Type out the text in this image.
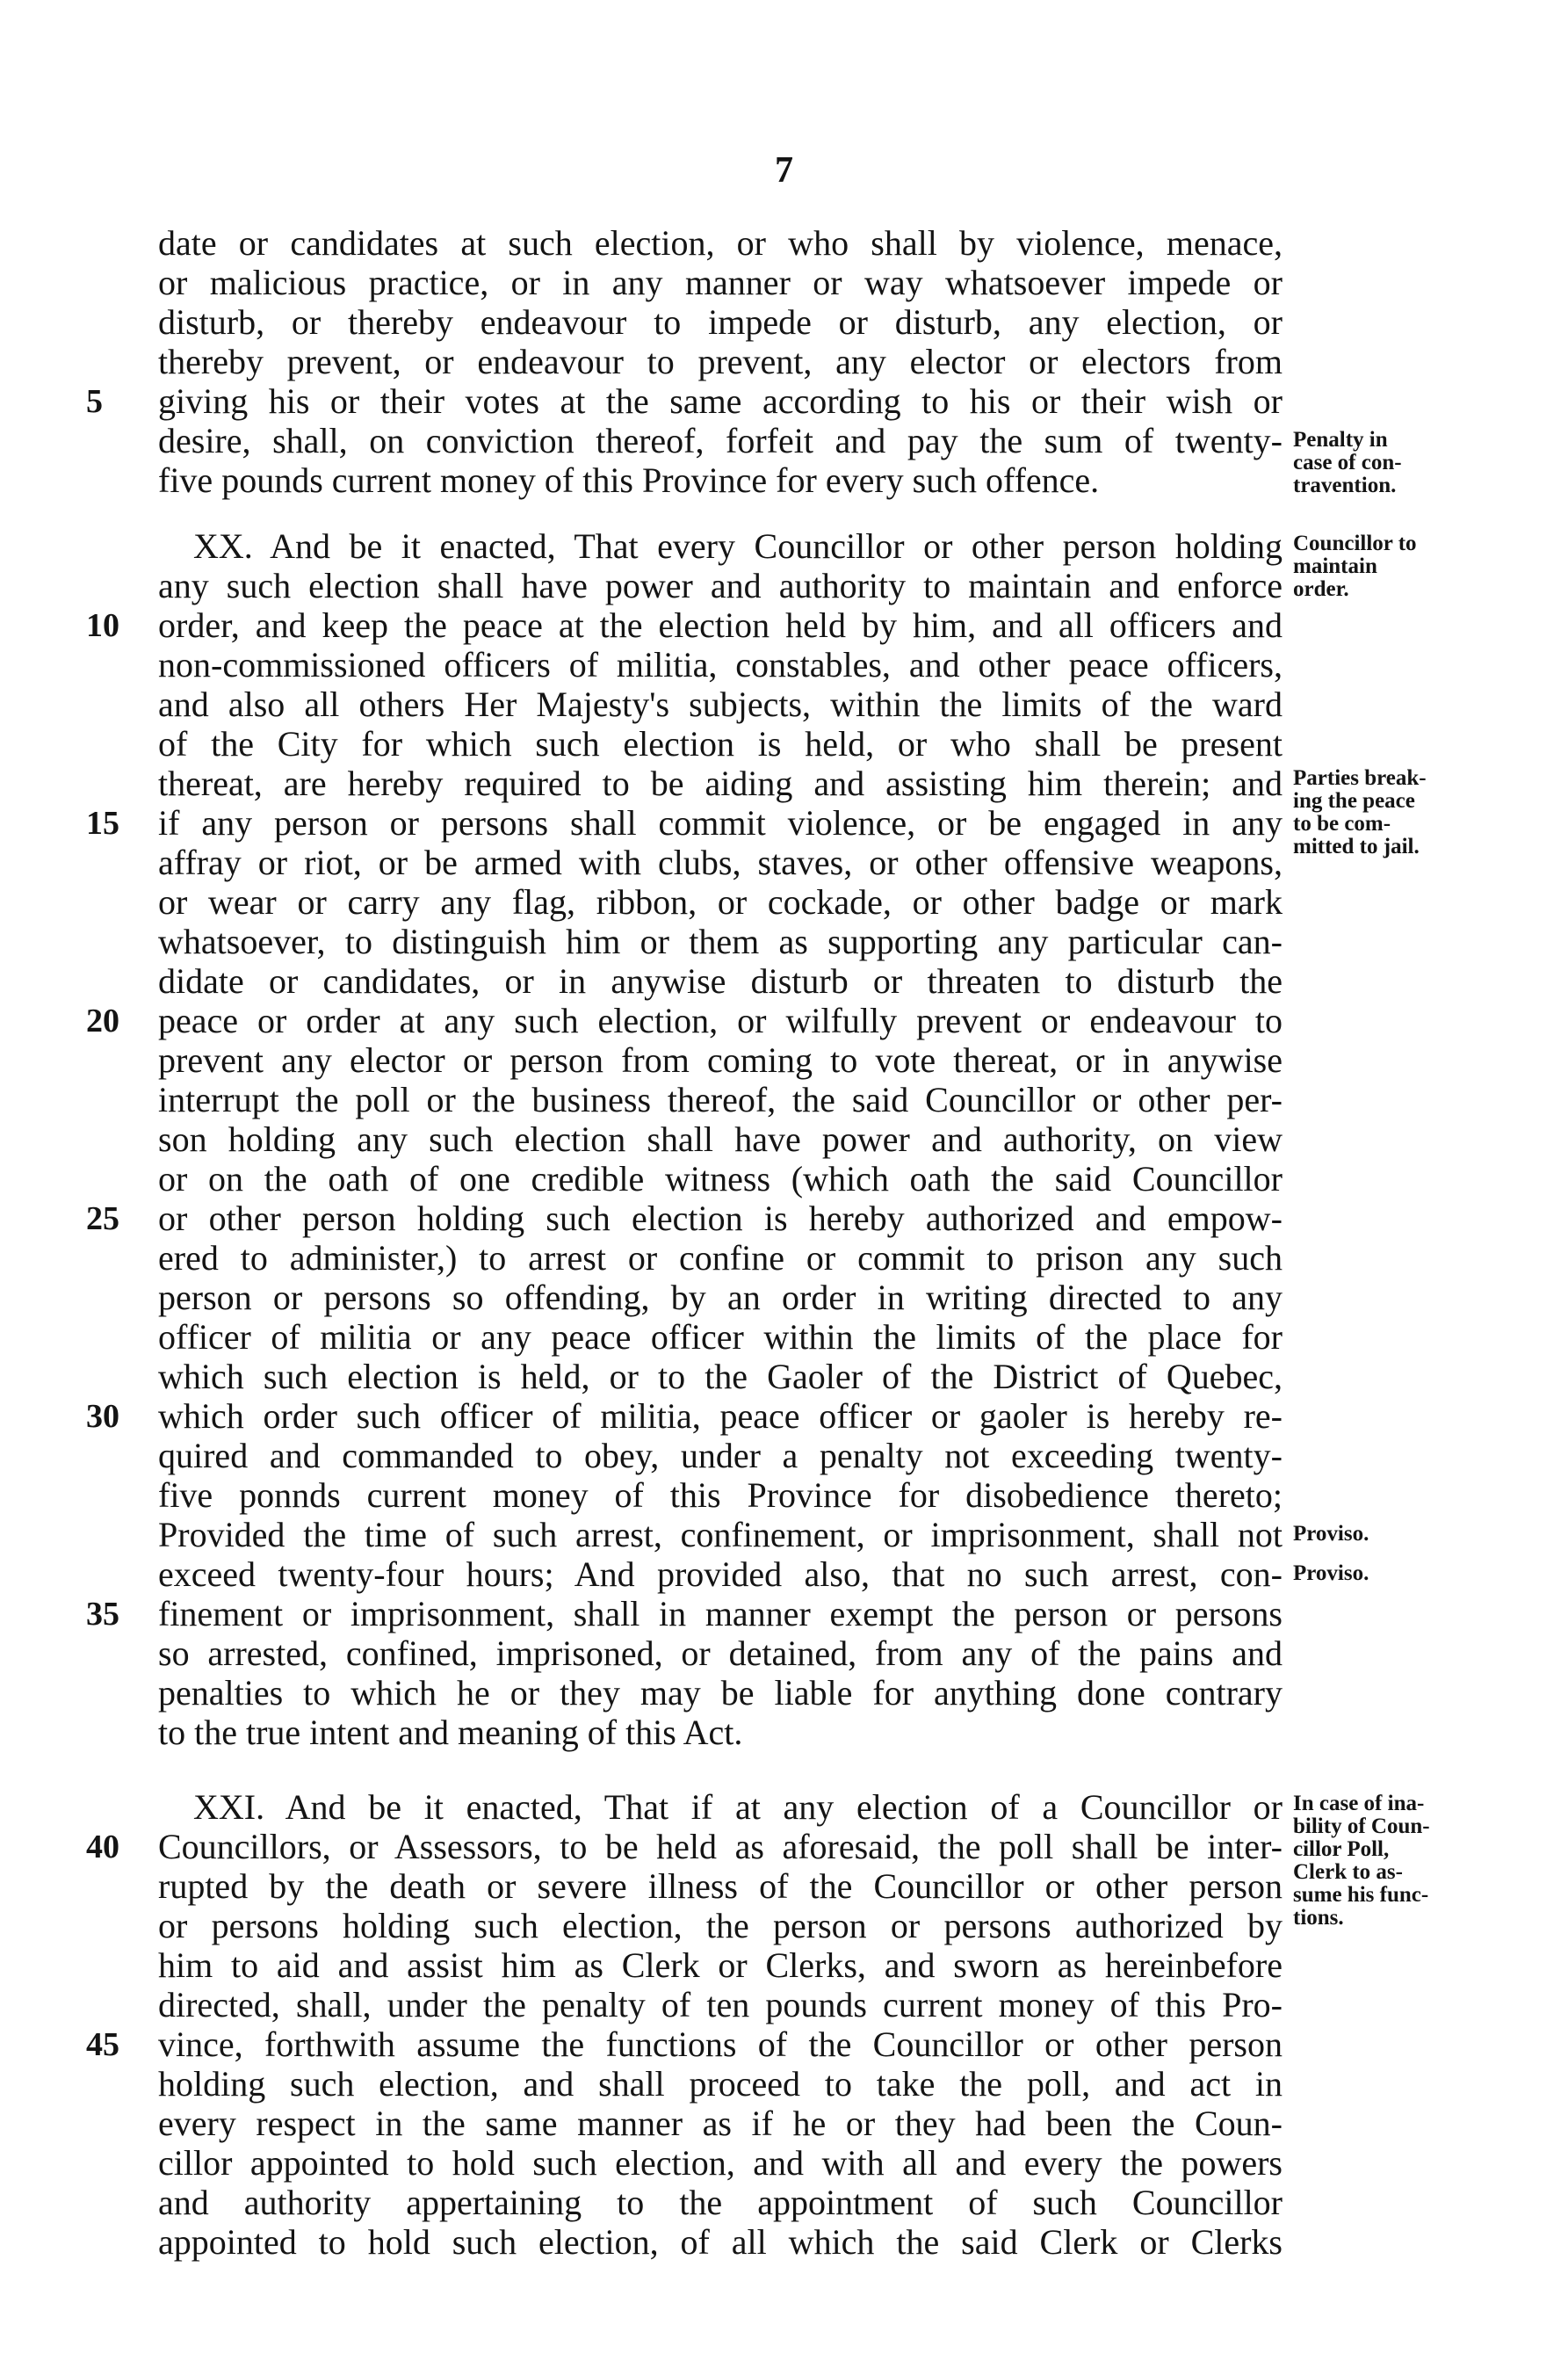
7
date or candidates at such election, or who shall by violence, menace,
or malicious practice, or in any manner or way whatsoever impede or
disturb, or thereby endeavour to impede or disturb, any election, or
thereby prevent, or endeavour to prevent, any elector or electors from
giving his or their votes at the same according to his or their wish or
desire, shall, on conviction thereof, forfeit and pay the sum of twenty-
five pounds current money of this Province for every such offence.
XX. And be it enacted, That every Councillor or other person holding
any such election shall have power and authority to maintain and enforce
order, and keep the peace at the election held by him, and all officers and
non-commissioned officers of militia, constables, and other peace officers,
and also all others Her Majesty's subjects, within the limits of the ward
of the City for which such election is held, or who shall be present
thereat, are hereby required to be aiding and assisting him therein; and
if any person or persons shall commit violence, or be engaged in any
affray or riot, or be armed with clubs, staves, or other offensive weapons,
or wear or carry any flag, ribbon, or cockade, or other badge or mark
whatsoever, to distinguish him or them as supporting any particular can-
didate or candidates, or in anywise disturb or threaten to disturb the
peace or order at any such election, or wilfully prevent or endeavour to
prevent any elector or person from coming to vote thereat, or in anywise
interrupt the poll or the business thereof, the said Councillor or other per-
son holding any such election shall have power and authority, on view
or on the oath of one credible witness (which oath the said Councillor
or other person holding such election is hereby authorized and empow-
ered to administer,) to arrest or confine or commit to prison any such
person or persons so offending, by an order in writing directed to any
officer of militia or any peace officer within the limits of the place for
which such election is held, or to the Gaoler of the District of Quebec,
which order such officer of militia, peace officer or gaoler is hereby re-
quired and commanded to obey, under a penalty not exceeding twenty-
five ponnds current money of this Province for disobedience thereto;
Provided the time of such arrest, confinement, or imprisonment, shall not
exceed twenty-four hours; And provided also, that no such arrest, con-
finement or imprisonment, shall in manner exempt the person or persons
so arrested, confined, imprisoned, or detained, from any of the pains and
penalties to which he or they may be liable for anything done contrary
to the true intent and meaning of this Act.
XXI. And be it enacted, That if at any election of a Councillor or
Councillors, or Assessors, to be held as aforesaid, the poll shall be inter-
rupted by the death or severe illness of the Councillor or other person
or persons holding such election, the person or persons authorized by
him to aid and assist him as Clerk or Clerks, and sworn as hereinbefore
directed, shall, under the penalty of ten pounds current money of this Pro-
vince, forthwith assume the functions of the Councillor or other person
holding such election, and shall proceed to take the poll, and act in
every respect in the same manner as if he or they had been the Coun-
cillor appointed to hold such election, and with all and every the powers
and authority appertaining to the appointment of such Councillor
appointed to hold such election, of all which the said Clerk or Clerks
5
10
15
20
25
30
35
40
45
Penalty in
case of con-
travention.
Councillor to
maintain
order.
Parties break-
ing the peace
to be com-
mitted to jail.
Proviso.
Proviso.
In case of ina-
bility of Coun-
cillor Poll,
Clerk to as-
sume his func-
tions.
